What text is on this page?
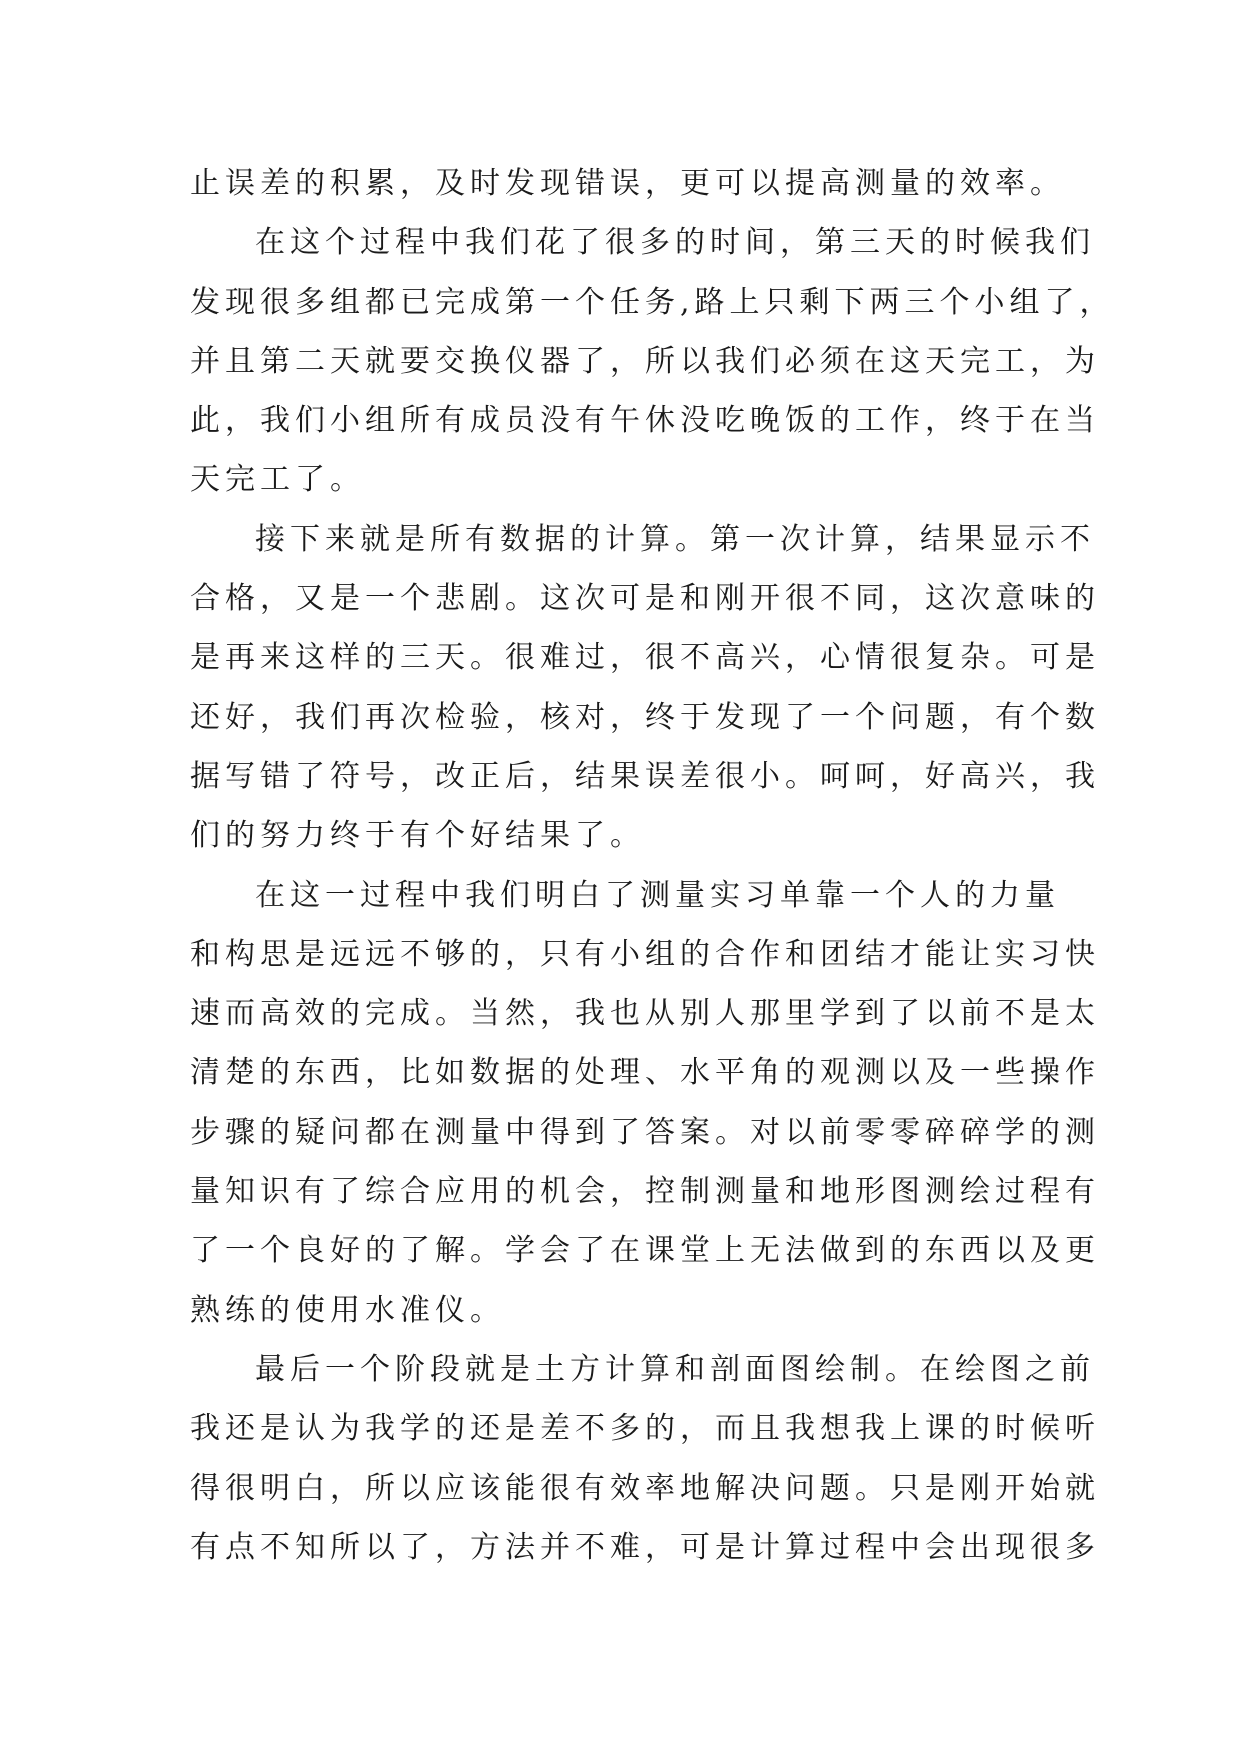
止误差的积累，及时发现错误，更可以提高测量的效率。
在这个过程中我们花了很多的时间，第三天的时候我们
发现很多组都已完成第一个任务,路上只剩下两三个小组了，
并且第二天就要交换仪器了，所以我们必须在这天完工，为
此，我们小组所有成员没有午休没吃晚饭的工作，终于在当
天完工了。
接下来就是所有数据的计算。第一次计算，结果显示不
合格，又是一个悲剧。这次可是和刚开很不同，这次意味的
是再来这样的三天。很难过，很不高兴，心情很复杂。可是
还好，我们再次检验，核对，终于发现了一个问题，有个数
据写错了符号，改正后，结果误差很小。呵呵，好高兴，我
们的努力终于有个好结果了。
在这一过程中我们明白了测量实习单靠一个人的力量
和构思是远远不够的，只有小组的合作和团结才能让实习快
速而高效的完成。当然，我也从别人那里学到了以前不是太
清楚的东西，比如数据的处理、水平角的观测以及一些操作
步骤的疑问都在测量中得到了答案。对以前零零碎碎学的测
量知识有了综合应用的机会，控制测量和地形图测绘过程有
了一个良好的了解。学会了在课堂上无法做到的东西以及更
熟练的使用水准仪。
最后一个阶段就是土方计算和剖面图绘制。在绘图之前
我还是认为我学的还是差不多的，而且我想我上课的时候听
得很明白，所以应该能很有效率地解决问题。只是刚开始就
有点不知所以了，方法并不难，可是计算过程中会出现很多
